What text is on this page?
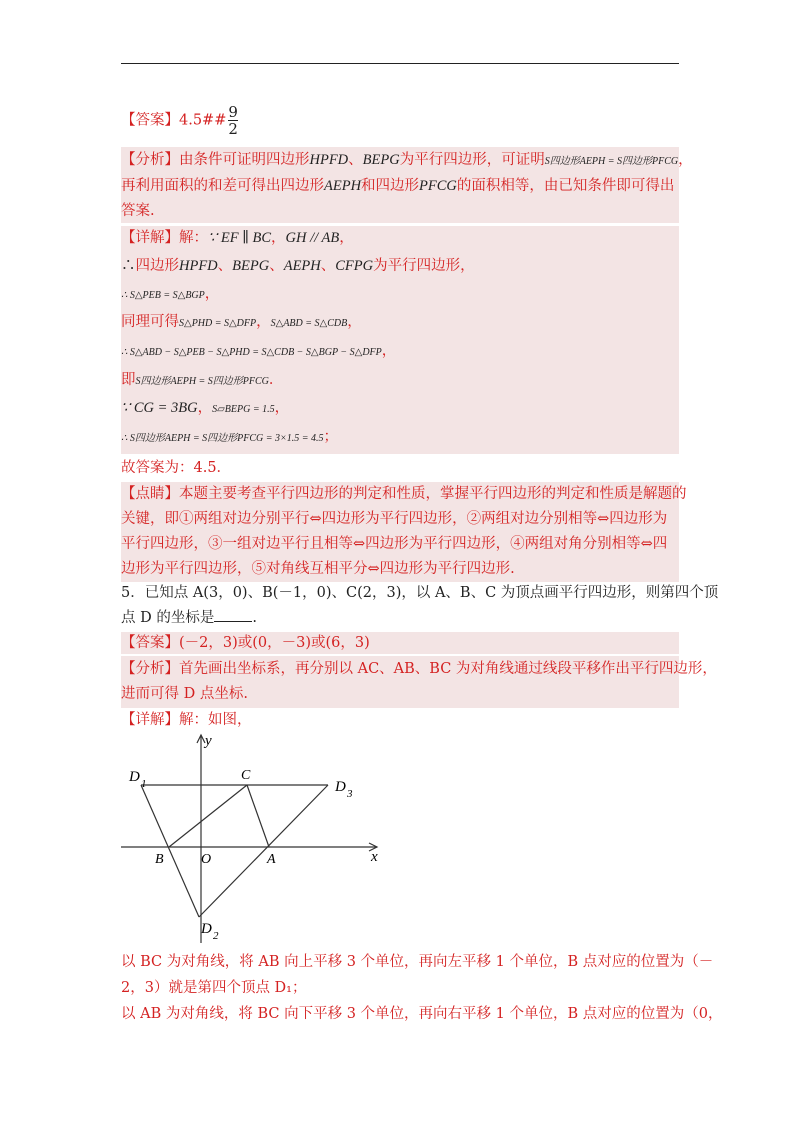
【答案】4.5## $\frac{9}{2}$
【分析】由条件可证明四边形HPFD、BEPG为平行四边形，可证明S四边形AEPH = S四边形PFCG，
再利用面积的和差可得出四边形AEPH和四边形PFCG的面积相等，由已知条件即可得出
答案.
【详解】解：∵ EF ∥ BC，GH // AB，
∴四边形HPFD、BEPG、AEPH、CFPG为平行四边形，
∴ S△PEB = S△BGP，
同理可得S△PHD = S△DFP，S△ABD = S△CDB，
∴ S△ABD − S△PEB − S△PHD = S△CDB − S△BGP − S△DFP，
即S四边形AEPH = S四边形PFCG．
∵ CG = 3BG，S▱BEPG = 1.5，
∴ S四边形AEPH = S四边形PFCG = 3×1.5 = 4.5；
故答案为：4.5．
【点睛】本题主要考查平行四边形的判定和性质，掌握平行四边形的判定和性质是解题的
关键，即①两组对边分别平行⇔四边形为平行四边形，②两组对边分别相等⇔四边形为
平行四边形，③一组对边平行且相等⇔四边形为平行四边形，④两组对角分别相等⇔四
边形为平行四边形，⑤对角线互相平分⇔四边形为平行四边形.
5．已知点 A(3，0)、B(－1，0)、C(2，3)，以 A、B、C 为顶点画平行四边形，则第四个顶
点 D 的坐标是	.
【答案】(－2，3)或(0，－3)或(6，3)
【分析】首先画出坐标系，再分别以 AC、AB、BC 为对角线通过线段平移作出平行四边形，
进而可得 D 点坐标.
【详解】解：如图，
y
x
O	A
B
C
D 1
D 2
D 3
以 BC 为对角线，将 AB 向上平移 3 个单位，再向左平移 1 个单位，B 点对应的位置为（－
2，3）就是第四个顶点 D₁；
以 AB 为对角线，将 BC 向下平移 3 个单位，再向右平移 1 个单位，B 点对应的位置为（0，
